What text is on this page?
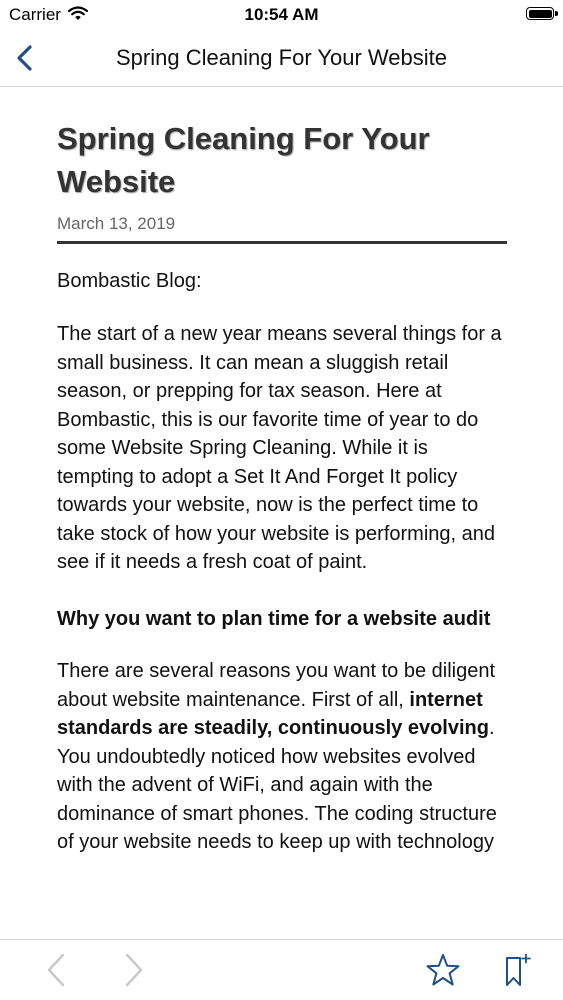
Carrier	10:54 AM
Spring Cleaning For Your Website
Spring Cleaning For Your Website
March 13, 2019
Bombastic Blog:

The start of a new year means several things for a small business. It can mean a sluggish retail season, or prepping for tax season. Here at Bombastic, this is our favorite time of year to do some Website Spring Cleaning. While it is tempting to adopt a Set It And Forget It policy towards your website, now is the perfect time to take stock of how your website is performing, and see if it needs a fresh coat of paint.

Why you want to plan time for a website audit

There are several reasons you want to be diligent about website maintenance. First of all, internet standards are steadily, continuously evolving. You undoubtedly noticed how websites evolved with the advent of WiFi, and again with the dominance of smart phones. The coding structure of your website needs to keep up with technology
